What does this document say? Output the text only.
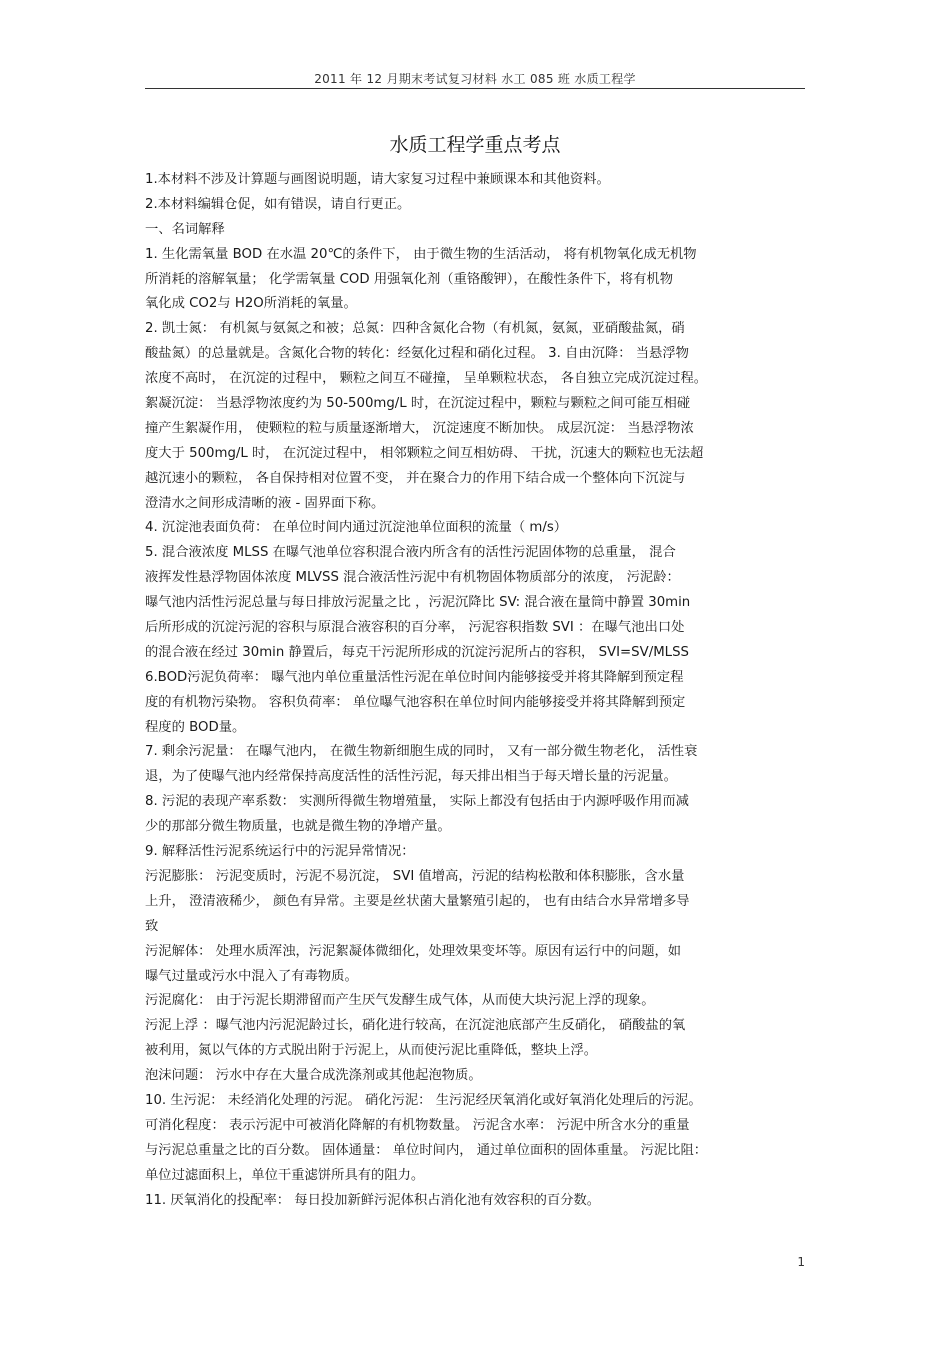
2011 年 12 月期末考试复习材料 水工 085 班 水质工程学
水质工程学重点考点
1.本材料不涉及计算题与画图说明题，请大家复习过程中兼顾课本和其他资料。
2.本材料编辑仓促，如有错误，请自行更正。
一、名词解释
1. 生化需氧量 BOD 在水温 20℃的条件下， 由于微生物的生活活动， 将有机物氧化成无机物
所消耗的溶解氧量； 化学需氧量 COD 用强氧化剂（重铬酸钾），在酸性条件下，将有机物
氧化成 CO2与 H2O所消耗的氧量。
2. 凯士氮： 有机氮与氨氮之和被；总氮：四种含氮化合物（有机氮，氨氮，亚硝酸盐氮，硝
酸盐氮）的总量就是。含氮化合物的转化：经氨化过程和硝化过程。 3. 自由沉降： 当悬浮物
浓度不高时， 在沉淀的过程中， 颗粒之间互不碰撞， 呈单颗粒状态， 各自独立完成沉淀过程。
絮凝沉淀： 当悬浮物浓度约为 50-500mg/L 时，在沉淀过程中，颗粒与颗粒之间可能互相碰
撞产生絮凝作用， 使颗粒的粒与质量逐渐增大， 沉淀速度不断加快。 成层沉淀： 当悬浮物浓
度大于 500mg/L 时， 在沉淀过程中， 相邻颗粒之间互相妨碍、 干扰，沉速大的颗粒也无法超
越沉速小的颗粒， 各自保持相对位置不变， 并在聚合力的作用下结合成一个整体向下沉淀与
澄清水之间形成清晰的液 - 固界面下称。
4. 沉淀池表面负荷： 在单位时间内通过沉淀池单位面积的流量（ m/s）
5. 混合液浓度 MLSS 在曝气池单位容积混合液内所含有的活性污泥固体物的总重量， 混合
液挥发性悬浮物固体浓度 MLVSS 混合液活性污泥中有机物固体物质部分的浓度， 污泥龄：
曝气池内活性污泥总量与每日排放污泥量之比 ，污泥沉降比 SV: 混合液在量筒中静置 30min
后所形成的沉淀污泥的容积与原混合液容积的百分率， 污泥容积指数 SVI ：在曝气池出口处
的混合液在经过 30min 静置后，每克干污泥所形成的沉淀污泥所占的容积， SVI=SV/MLSS
6.BOD污泥负荷率： 曝气池内单位重量活性污泥在单位时间内能够接受并将其降解到预定程
度的有机物污染物。 容积负荷率： 单位曝气池容积在单位时间内能够接受并将其降解到预定
程度的 BOD量。
7. 剩余污泥量： 在曝气池内， 在微生物新细胞生成的同时， 又有一部分微生物老化， 活性衰
退，为了使曝气池内经常保持高度活性的活性污泥，每天排出相当于每天增长量的污泥量。
8. 污泥的表现产率系数： 实测所得微生物增殖量， 实际上都没有包括由于内源呼吸作用而减
少的那部分微生物质量，也就是微生物的净增产量。
9. 解释活性污泥系统运行中的污泥异常情况：
污泥膨胀： 污泥变质时，污泥不易沉淀， SVI 值增高，污泥的结构松散和体积膨胀，含水量
上升， 澄清液稀少， 颜色有异常。主要是丝状菌大量繁殖引起的， 也有由结合水异常增多导
致
污泥解体： 处理水质浑浊，污泥絮凝体微细化，处理效果变坏等。原因有运行中的问题，如
曝气过量或污水中混入了有毒物质。
污泥腐化： 由于污泥长期滞留而产生厌气发酵生成气体，从而使大块污泥上浮的现象。
污泥上浮 ：曝气池内污泥泥龄过长，硝化进行较高，在沉淀池底部产生反硝化， 硝酸盐的氧
被利用，氮以气体的方式脱出附于污泥上，从而使污泥比重降低，整块上浮。
泡沫问题： 污水中存在大量合成洗涤剂或其他起泡物质。
10. 生污泥： 未经消化处理的污泥。 硝化污泥： 生污泥经厌氧消化或好氧消化处理后的污泥。
可消化程度： 表示污泥中可被消化降解的有机物数量。 污泥含水率： 污泥中所含水分的重量
与污泥总重量之比的百分数。 固体通量： 单位时间内， 通过单位面积的固体重量。 污泥比阻：
单位过滤面积上，单位干重滤饼所具有的阻力。
11. 厌氧消化的投配率： 每日投加新鲜污泥体积占消化池有效容积的百分数。
1
